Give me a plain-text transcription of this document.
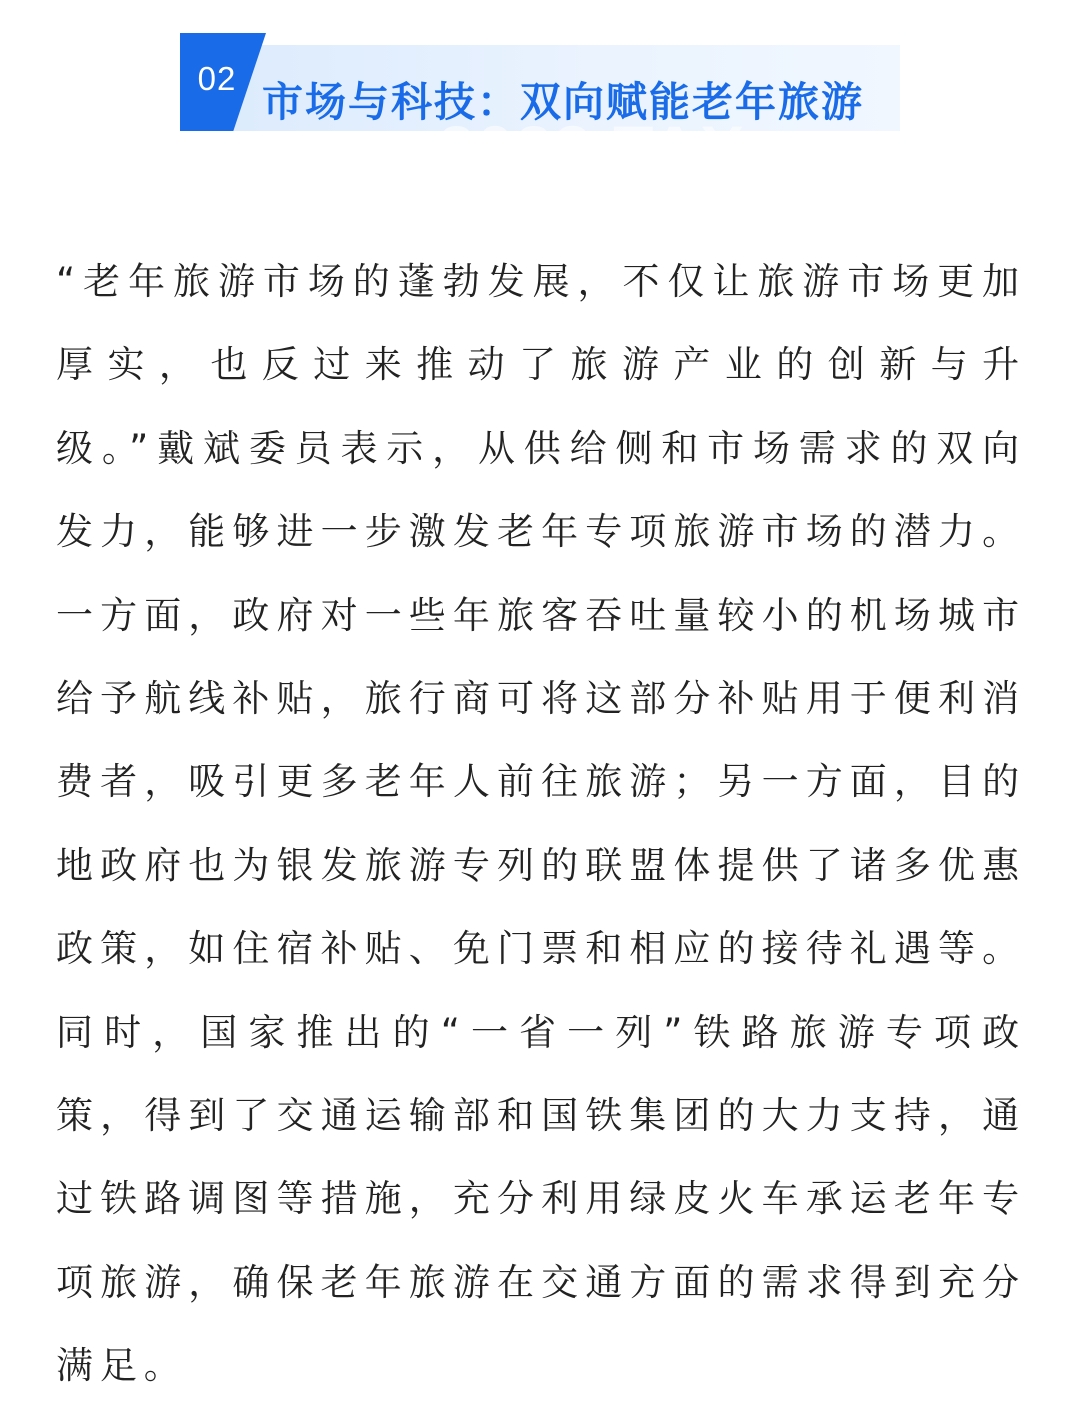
2023 TAX
02 市场与科技：双向赋能老年旅游
“老年旅游市场的蓬勃发展，不仅让旅游市场更加厚实，也反过来推动了旅游产业的创新与升级。”戴斌委员表示，从供给侧和市场需求的双向发力，能够进一步激发老年专项旅游市场的潜力。一方面，政府对一些年旅客吞吐量较小的机场城市给予航线补贴，旅行商可将这部分补贴用于便利消费者，吸引更多老年人前往旅游；另一方面，目的地政府也为银发旅游专列的联盟体提供了诸多优惠政策，如住宿补贴、免门票和相应的接待礼遇等。同时，国家推出的“一省一列”铁路旅游专项政策，得到了交通运输部和国铁集团的大力支持，通过铁路调图等措施，充分利用绿皮火车承运老年专项旅游，确保老年旅游在交通方面的需求得到充分满足。
